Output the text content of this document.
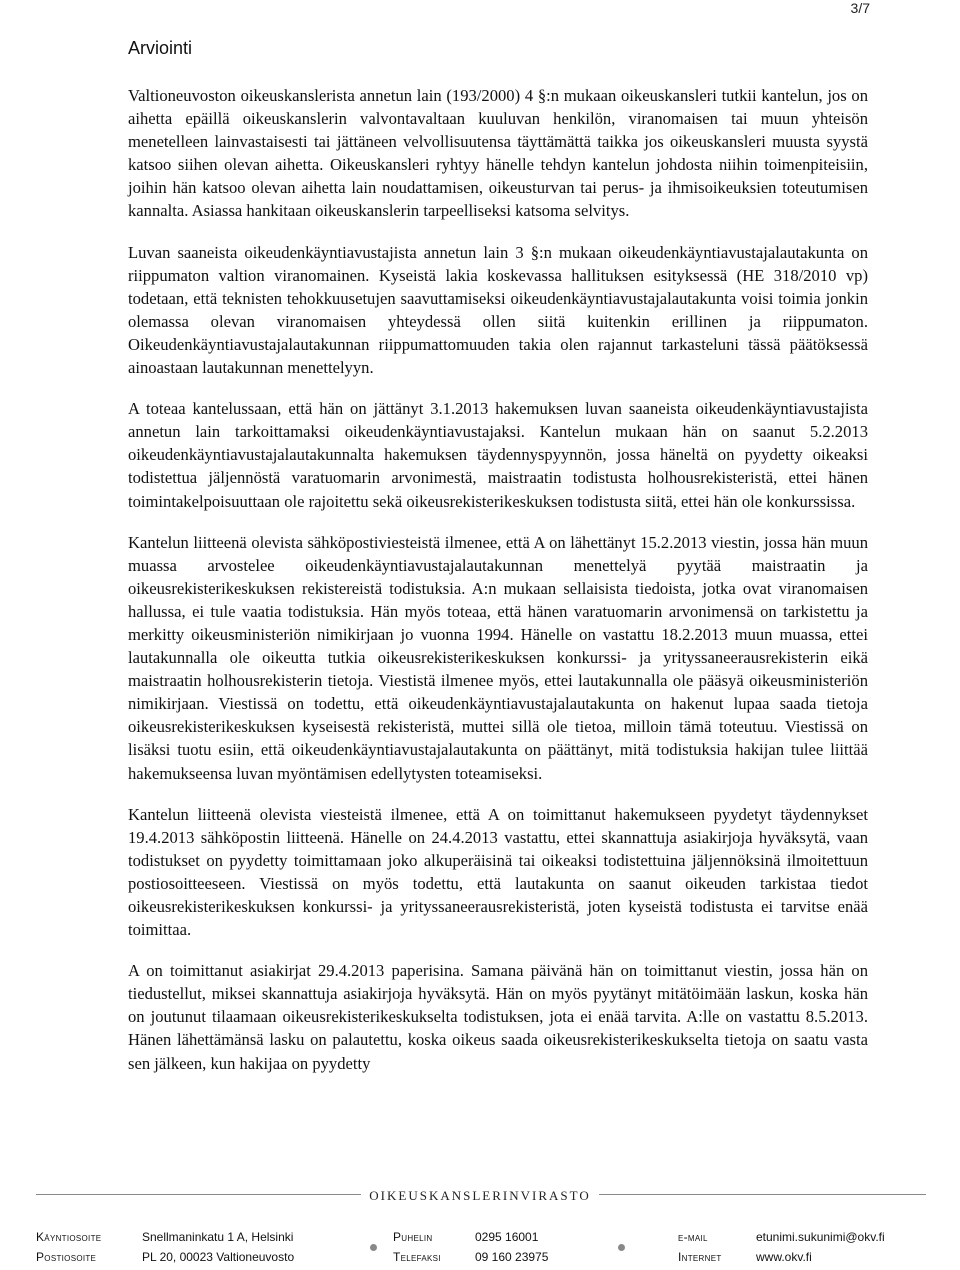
3/7
Arviointi

Valtioneuvoston oikeuskanslerista annetun lain (193/2000) 4 §:n mukaan oikeuskansleri tutkii kantelun, jos on aihetta epäillä oikeuskanslerin valvontavaltaan kuuluvan henkilön, viranomaisen tai muun yhteisön menetelleen lainvastaisesti tai jättäneen velvollisuutensa täyttämättä taikka jos oikeuskansleri muusta syystä katsoo siihen olevan aihetta. Oikeuskansleri ryhtyy hänelle tehdyn kantelun johdosta niihin toimenpiteisiin, joihin hän katsoo olevan aihetta lain noudattamisen, oikeusturvan tai perus- ja ihmisoikeuksien toteutumisen kannalta. Asiassa hankitaan oikeuskanslerin tarpeelliseksi katsoma selvitys.

Luvan saaneista oikeudenkäyntiavustajista annetun lain 3 §:n mukaan oikeudenkäyntiavustajalautakunta on riippumaton valtion viranomainen. Kyseistä lakia koskevassa hallituksen esityksessä (HE 318/2010 vp) todetaan, että teknisten tehokkuusetujen saavuttamiseksi oikeudenkäyntiavustajalautakunta voisi toimia jonkin olemassa olevan viranomaisen yhteydessä ollen siitä kuitenkin erillinen ja riippumaton. Oikeudenkäyntiavustajalautakunnan riippumattomuuden takia olen rajannut tarkasteluni tässä päätöksessä ainoastaan lautakunnan menettelyyn.

A toteaa kantelussaan, että hän on jättänyt 3.1.2013 hakemuksen luvan saaneista oikeudenkäyntiavustajista annetun lain tarkoittamaksi oikeudenkäyntiavustajaksi. Kantelun mukaan hän on saanut 5.2.2013 oikeudenkäyntiavustajalautakunnalta hakemuksen täydennyspyynnön, jossa häneltä on pyydetty oikeaksi todistettua jäljennöstä varatuomarin arvonimestä, maistraatin todistusta holhousrekisteristä, ettei hänen toimintakelpoisuuttaan ole rajoitettu sekä oikeusrekisterikeskuksen todistusta siitä, ettei hän ole konkurssissa.

Kantelun liitteenä olevista sähköpostiviesteistä ilmenee, että A on lähettänyt 15.2.2013 viestin, jossa hän muun muassa arvostelee oikeudenkäyntiavustajalautakunnan menettelyä pyytää maistraatin ja oikeusrekisterikeskuksen rekistereistä todistuksia. A:n mukaan sellaisista tiedoista, jotka ovat viranomaisen hallussa, ei tule vaatia todistuksia. Hän myös toteaa, että hänen varatuomarin arvonimensä on tarkistettu ja merkitty oikeusministeriön nimikirjaan jo vuonna 1994. Hänelle on vastattu 18.2.2013 muun muassa, ettei lautakunnalla ole oikeutta tutkia oikeusrekisterikeskuksen konkurssi- ja yrityssaneerausrekisterin eikä maistraatin holhousrekisterin tietoja. Viestistä ilmenee myös, ettei lautakunnalla ole pääsyä oikeusministeriön nimikirjaan. Viestissä on todettu, että oikeudenkäyntiavustajalautakunta on hakenut lupaa saada tietoja oikeusrekisterikeskuksen kyseisestä rekisteristä, muttei sillä ole tietoa, milloin tämä toteutuu. Viestissä on lisäksi tuotu esiin, että oikeudenkäyntiavustajalautakunta on päättänyt, mitä todistuksia hakijan tulee liittää hakemukseensa luvan myöntämisen edellytysten toteamiseksi.

Kantelun liitteenä olevista viesteistä ilmenee, että A on toimittanut hakemukseen pyydetyt täydennykset 19.4.2013 sähköpostin liitteenä. Hänelle on 24.4.2013 vastattu, ettei skannattuja asiakirjoja hyväksytä, vaan todistukset on pyydetty toimittamaan joko alkuperäisinä tai oikeaksi todistettuina jäljennöksinä ilmoitettuun postiosoitteeseen. Viestissä on myös todettu, että lautakunta on saanut oikeuden tarkistaa tiedot oikeusrekisterikeskuksen konkurssi- ja yrityssaneerausrekisteristä, joten kyseistä todistusta ei tarvitse enää toimittaa.

A on toimittanut asiakirjat 29.4.2013 paperisina. Samana päivänä hän on toimittanut viestin, jossa hän on tiedustellut, miksei skannattuja asiakirjoja hyväksytä. Hän on myös pyytänyt mitätöimään laskun, koska hän on joutunut tilaamaan oikeusrekisterikeskukselta todistuksen, jota ei enää tarvita. A:lle on vastattu 8.5.2013. Hänen lähettämänsä lasku on palautettu, koska oikeus saada oikeusrekisterikeskukselta tietoja on saatu vasta sen jälkeen, kun hakijaa on pyydetty

OIKEUSKANSLERINVIRASTO
Käyntiosoite	Snellmaninkatu 1 A, Helsinki	Puhelin	0295 16001	e-mail	etunimi.sukunimi@okv.fi
Postiosoite	PL 20, 00023 Valtioneuvosto	Telefaksi	09 160 23975	Internet	www.okv.fi
